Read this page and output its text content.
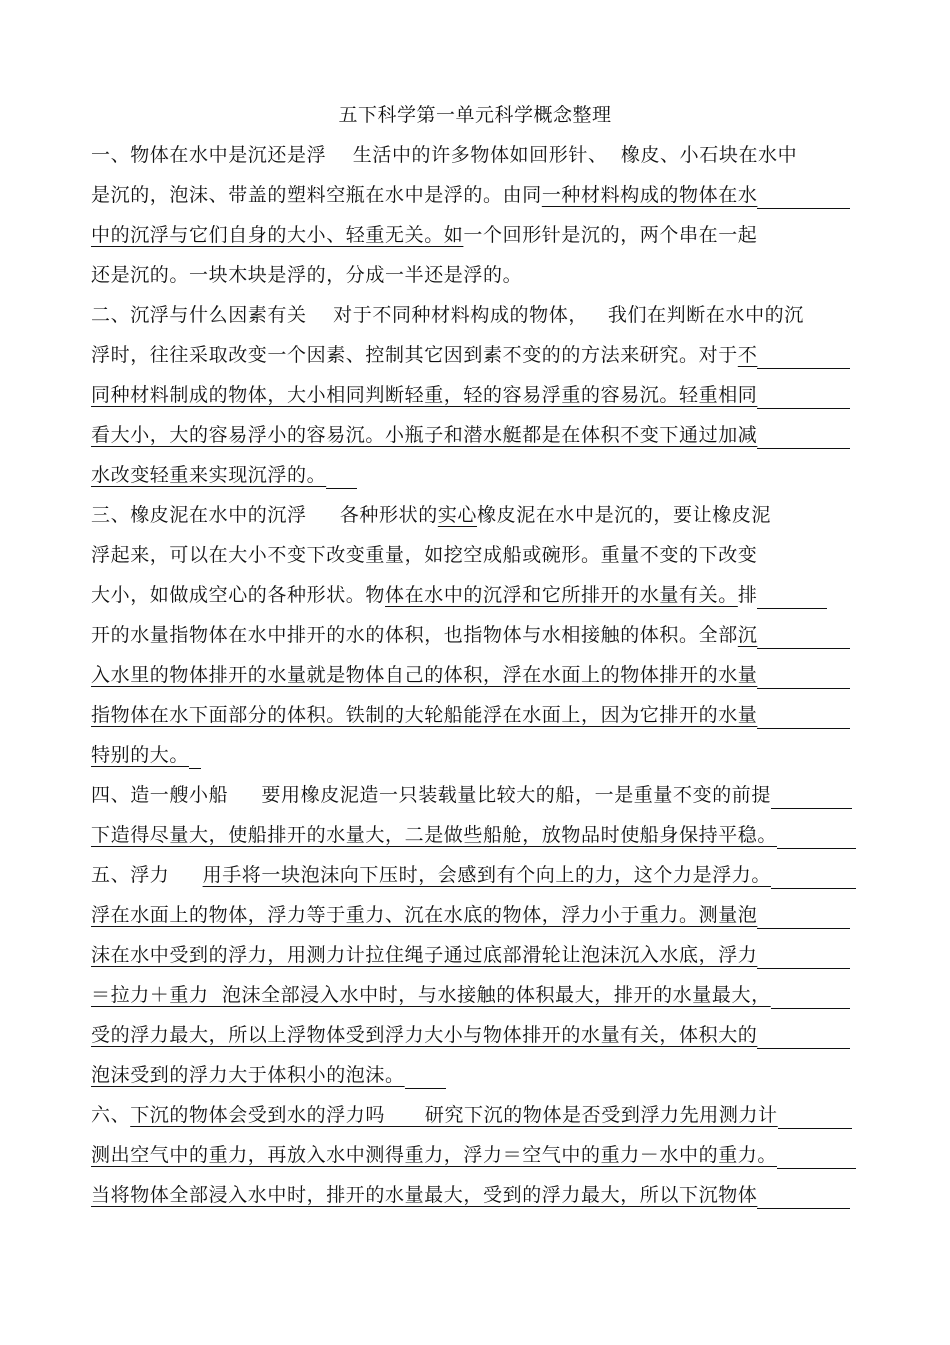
五下科学第一单元科学概念整理
一、物体在水中是沉还是浮    生活中的许多物体如回形针、  橡皮、小石块在水中
是沉的，泡沫、带盖的塑料空瓶在水中是浮的。由同一种材料构成的物体在水
中的沉浮与它们自身的大小、轻重无关。如一个回形针是沉的，两个串在一起
还是沉的。一块木块是浮的，分成一半还是浮的。
二、沉浮与什么因素有关    对于不同种材料构成的物体，   我们在判断在水中的沉
浮时，往往采取改变一个因素、控制其它因到素不变的的方法来研究。对于不
同种材料制成的物体，大小相同判断轻重，轻的容易浮重的容易沉。轻重相同
看大小，大的容易浮小的容易沉。小瓶子和潜水艇都是在体积不变下通过加减
水改变轻重来实现沉浮的。
三、橡皮泥在水中的沉浮     各种形状的实心橡皮泥在水中是沉的，要让橡皮泥
浮起来，可以在大小不变下改变重量，如挖空成船或碗形。重量不变的下改变
大小，如做成空心的各种形状。物体在水中的沉浮和它所排开的水量有关。排
开的水量指物体在水中排开的水的体积，也指物体与水相接触的体积。全部沉
入水里的物体排开的水量就是物体自己的体积，浮在水面上的物体排开的水量
指物体在水下面部分的体积。铁制的大轮船能浮在水面上，因为它排开的水量
特别的大。
四、造一艘小船     要用橡皮泥造一只装载量比较大的船，一是重量不变的前提
下造得尽量大，使船排开的水量大，二是做些船舱，放物品时使船身保持平稳。
五、浮力     用手将一块泡沫向下压时，会感到有个向上的力，这个力是浮力。
浮在水面上的物体，浮力等于重力、沉在水底的物体，浮力小于重力。测量泡
沫在水中受到的浮力，用测力计拉住绳子通过底部滑轮让泡沫沉入水底，浮力
＝拉力＋重力  泡沫全部浸入水中时，与水接触的体积最大，排开的水量最大，
受的浮力最大，所以上浮物体受到浮力大小与物体排开的水量有关，体积大的
泡沫受到的浮力大于体积小的泡沫。
六、下沉的物体会受到水的浮力吗      研究下沉的物体是否受到浮力先用测力计
测出空气中的重力，再放入水中测得重力，浮力＝空气中的重力－水中的重力。
当将物体全部浸入水中时，排开的水量最大，受到的浮力最大，所以下沉物体
